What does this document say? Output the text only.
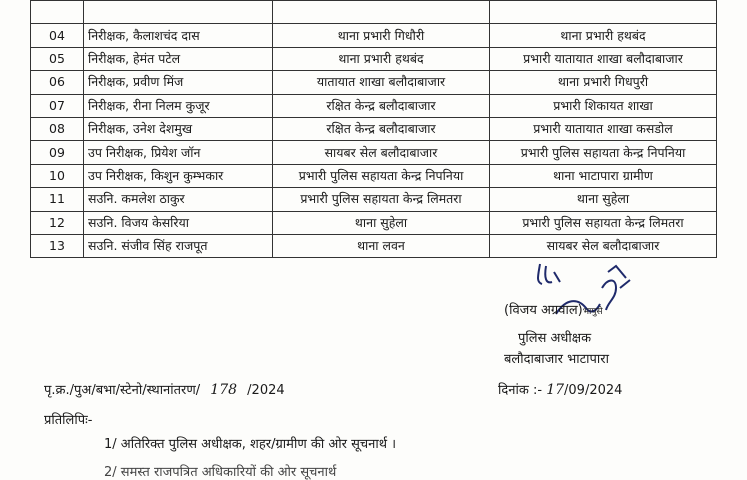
04	निरीक्षक, कैलाशचंद दास	थाना प्रभारी गिधौरी	थाना प्रभारी हथबंद
05	निरीक्षक, हेमंत पटेल	थाना प्रभारी हथबंद	प्रभारी यातायात शाखा बलौदाबाजार
06	निरीक्षक, प्रवीण मिंज	यातायात शाखा बलौदाबाजार	थाना प्रभारी गिधपुरी
07	निरीक्षक, रीना निलम कुजूर	रक्षित केन्द्र बलौदाबाजार	प्रभारी शिकायत शाखा
08	निरीक्षक, उनेश देशमुख	रक्षित केन्द्र बलौदाबाजार	प्रभारी यातायात शाखा कसडोल
09	उप निरीक्षक, प्रियेश जॉन	सायबर सेल बलौदाबाजार	प्रभारी पुलिस सहायता केन्द्र निपनिया
10	उप निरीक्षक, किशुन कुम्भकार	प्रभारी पुलिस सहायता केन्द्र निपनिया	थाना भाटापारा ग्रामीण
11	सउनि. कमलेश ठाकुर	प्रभारी पुलिस सहायता केन्द्र लिमतरा	थाना सुहेला
12	सउनि. विजय केसरिया	थाना सुहेला	प्रभारी पुलिस सहायता केन्द्र लिमतरा
13	सउनि. संजीव सिंह राजपूत	थाना लवन	सायबर सेल बलौदाबाजार
(विजय अग्रवाल)भापुसे
पुलिस अधीक्षक
बलौदाबाजार भाटापारा
पृ.क्र./पुअ/बभा/स्टेनो/स्थानांतरण/ 178 /2024	दिनांक :- 17/09/2024
प्रतिलिपिः-
1/ अतिरिक्त पुलिस अधीक्षक, शहर/ग्रामीण की ओर सूचनार्थ ।
2/ समस्त राजपत्रित अधिकारियों की ओर सूचनार्थ
